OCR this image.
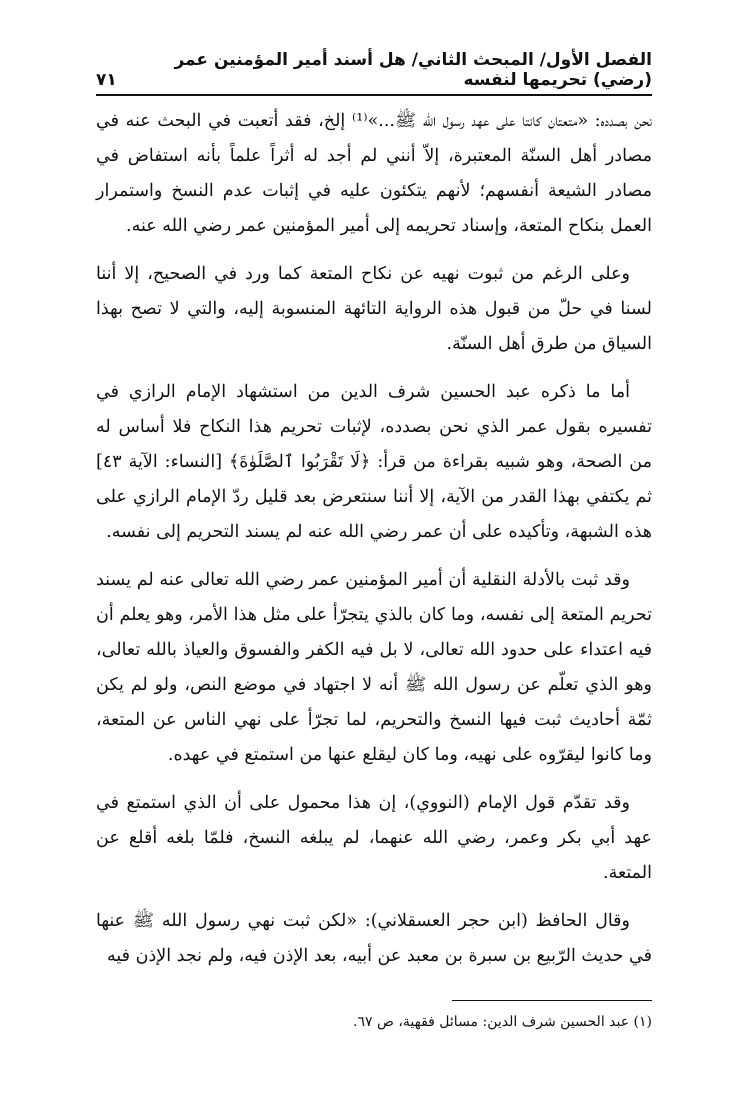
الفصل الأول/ المبحث الثاني/ هل أسند أمير المؤمنين عمر (رضي) تحريمها لنفسه
٧١

نحن بصدده: «متعتان كانتا على عهد رسول الله ﷺ...»⁽¹⁾ إلخ، فقد أتعبت في البحث عنه في مصادر أهل السنّة المعتبرة، إلاّ أنني لم أجد له أثراً علماً بأنه استفاض في مصادر الشيعة أنفسهم؛ لأنهم يتكئون عليه في إثبات عدم النسخ واستمرار العمل بنكاح المتعة، وإسناد تحريمه إلى أمير المؤمنين عمر رضي الله عنه.

وعلى الرغم من ثبوت نهيه عن نكاح المتعة كما ورد في الصحيح، إلا أننا لسنا في حلّ من قبول هذه الرواية التائهة المنسوبة إليه، والتي لا تصح بهذا السياق من طرق أهل السنّة.

أما ما ذكره عبد الحسين شرف الدين من استشهاد الإمام الرازي في تفسيره بقول عمر الذي نحن بصدده، لإثبات تحريم هذا النكاح فلا أساس له من الصحة، وهو شبيه بقراءة من قرأ: ﴿لَا تَقْرَبُوا ٱلصَّلَوٰةَ﴾ [النساء: الآية ٤٣] ثم يكتفي بهذا القدر من الآية، إلا أننا سنتعرض بعد قليل ردّ الإمام الرازي على هذه الشبهة، وتأكيده على أن عمر رضي الله عنه لم يسند التحريم إلى نفسه.

وقد ثبت بالأدلة النقلية أن أمير المؤمنين عمر رضي الله تعالى عنه لم يسند تحريم المتعة إلى نفسه، وما كان بالذي يتجرّأ على مثل هذا الأمر، وهو يعلم أن فيه اعتداء على حدود الله تعالى، لا بل فيه الكفر والفسوق والعياذ بالله تعالى، وهو الذي تعلّم عن رسول الله ﷺ أنه لا اجتهاد في موضع النص، ولو لم يكن ثمّة أحاديث ثبت فيها النسخ والتحريم، لما تجرّأ على نهي الناس عن المتعة، وما كانوا ليقرّوه على نهيه، وما كان ليقلع عنها من استمتع في عهده.

وقد تقدّم قول الإمام (النووي)، إن هذا محمول على أن الذي استمتع في عهد أبي بكر وعمر، رضي الله عنهما، لم يبلغه النسخ، فلمّا بلغه أقلع عن المتعة.

وقال الحافظ (ابن حجر العسقلاني): «لكن ثبت نهي رسول الله ﷺ عنها في حديث الرّبيع بن سبرة بن معبد عن أبيه، بعد الإذن فيه، ولم نجد الإذن فيه

(١) عبد الحسين شرف الدين: مسائل فقهية، ص ٦٧.
